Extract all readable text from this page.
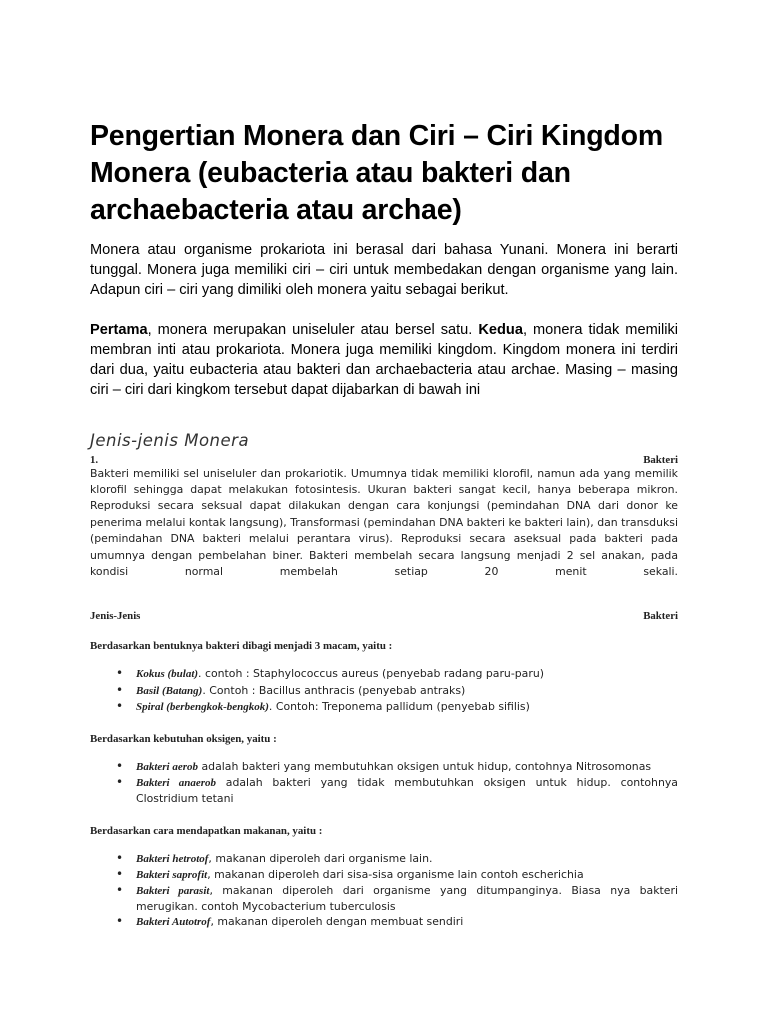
Pengertian Monera dan Ciri – Ciri Kingdom Monera (eubacteria atau bakteri dan archaebacteria atau archae)

Monera atau organisme prokariota ini berasal dari bahasa Yunani. Monera ini berarti tunggal. Monera juga memiliki ciri – ciri untuk membedakan dengan organisme yang lain. Adapun ciri – ciri yang dimiliki oleh monera yaitu sebagai berikut.

Pertama, monera merupakan uniseluler atau bersel satu. Kedua, monera tidak memiliki membran inti atau prokariota. Monera juga memiliki kingdom. Kingdom monera ini terdiri dari dua, yaitu eubacteria atau bakteri dan archaebacteria atau archae. Masing – masing ciri – ciri dari kingkom tersebut dapat dijabarkan di bawah ini

Jenis-jenis Monera
1.	Bakteri

Bakteri memiliki sel uniseluler dan prokariotik. Umumnya tidak memiliki klorofil, namun ada yang memilik klorofil sehingga dapat melakukan fotosintesis. Ukuran bakteri sangat kecil, hanya beberapa mikron. Reproduksi secara seksual dapat dilakukan dengan cara konjungsi (pemindahan DNA dari donor ke penerima melalui kontak langsung), Transformasi (pemindahan DNA bakteri ke bakteri lain), dan transduksi (pemindahan DNA bakteri melalui perantara virus). Reproduksi secara aseksual pada bakteri pada umumnya dengan pembelahan biner. Bakteri membelah secara langsung menjadi 2 sel anakan, pada kondisi normal membelah setiap 20 menit sekali.

Jenis-Jenis	Bakteri
Berdasarkan bentuknya bakteri dibagi menjadi 3 macam, yaitu :
• Kokus (bulat). contoh : Staphylococcus aureus (penyebab radang paru-paru)
• Basil (Batang). Contoh : Bacillus anthracis (penyebab antraks)
• Spiral (berbengkok-bengkok). Contoh: Treponema pallidum (penyebab sifilis)
Berdasarkan kebutuhan oksigen, yaitu :
• Bakteri aerob adalah bakteri yang membutuhkan oksigen untuk hidup, contohnya Nitrosomonas
• Bakteri anaerob adalah bakteri yang tidak membutuhkan oksigen untuk hidup. contohnya Clostridium tetani
Berdasarkan cara mendapatkan makanan, yaitu :
• Bakteri hetrotof, makanan diperoleh dari organisme lain.
• Bakteri saprofit, makanan diperoleh dari sisa-sisa organisme lain contoh escherichia
• Bakteri parasit, makanan diperoleh dari organisme yang ditumpanginya. Biasa nya bakteri merugikan. contoh Mycobacterium tuberculosis
• Bakteri Autotrof, makanan diperoleh dengan membuat sendiri
